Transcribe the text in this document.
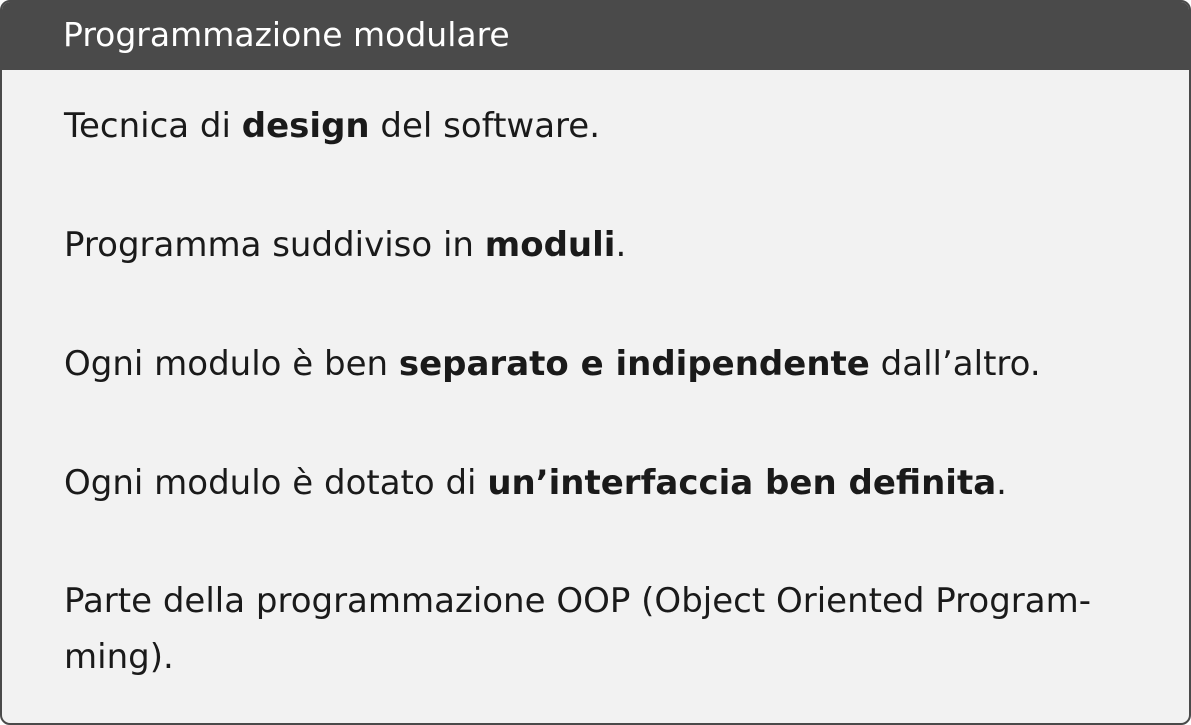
Programmazione modulare

Tecnica di design del software.

Programma suddiviso in moduli.

Ogni modulo è ben separato e indipendente dall’altro.

Ogni modulo è dotato di un’interfaccia ben definita.

Parte della programmazione OOP (Object Oriented Program-
ming).
